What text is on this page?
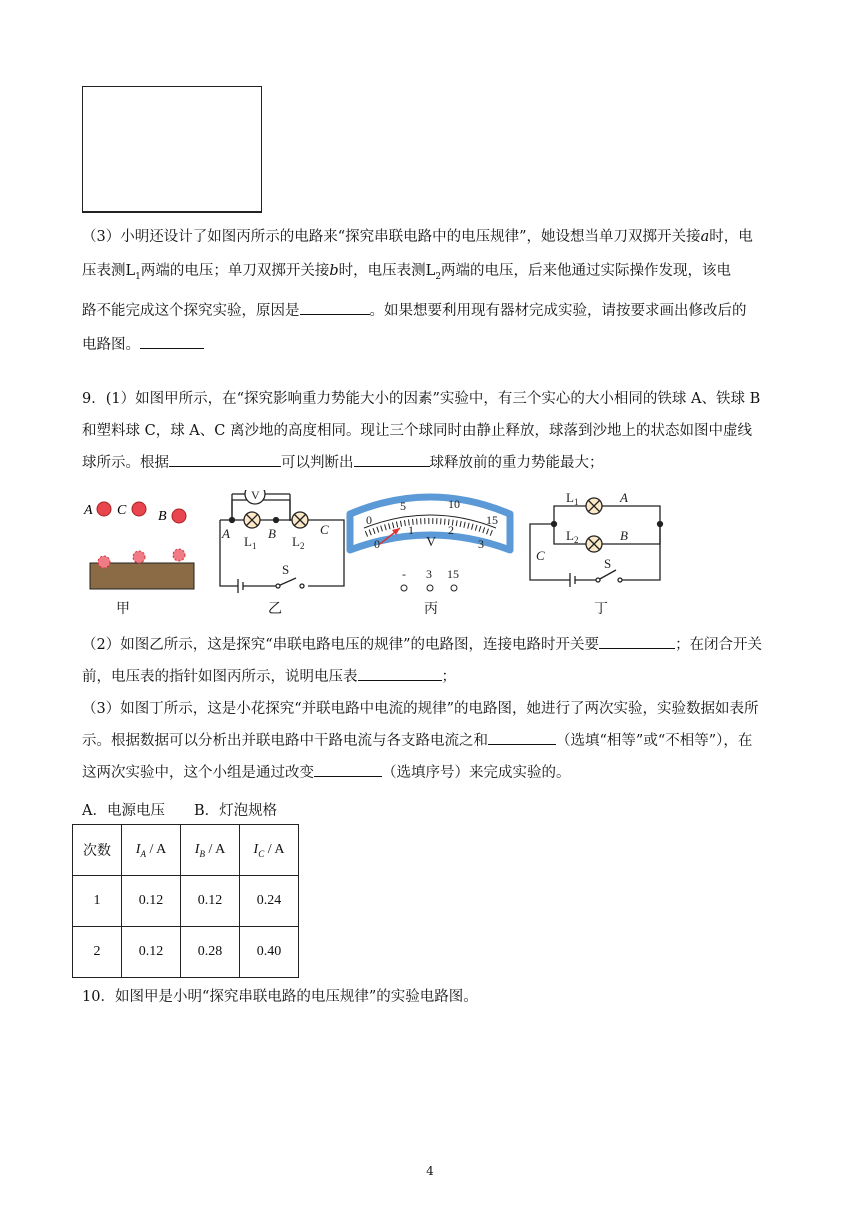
（3）小明还设计了如图丙所示的电路来“探究串联电路中的电压规律”，她设想当单刀双掷开关接a时，电
压表测$L_1$两端的电压；单刀双掷开关接b时，电压表测$L_2$两端的电压，后来他通过实际操作发现，该电
路不能完成这个探究实验，原因是	。如果想要利用现有器材完成实验，请按要求画出修改后的
电路图。
9．(1）如图甲所示，在“探究影响重力势能大小的因素”实验中，有三个实心的大小相同的铁球 A、铁球 B
和塑料球 C，球 A、C 离沙地的高度相同。现让三个球同时由静止释放，球落到沙地上的状态如图中虚线
球所示。根据	可以判断出	球释放前的重力势能最大；
A C B
V
A	B	C
L 1	L 2
S
0
5	10
15
0
1	2
3
V
- 3 15
L 1	A
L 2	B
C
S
甲	乙	丙	丁
（2）如图乙所示，这是探究“串联电路电压的规律”的电路图，连接电路时开关要	；在闭合开关
前，电压表的指针如图丙所示，说明电压表	；
（3）如图丁所示，这是小花探究“并联电路中电流的规律”的电路图，她进行了两次实验，实验数据如表所
示。根据数据可以分析出并联电路中干路电流与各支路电流之和	（选填“相等”或“不相等”），在
这两次实验中，这个小组是通过改变	（选填序号）来完成实验的。
A．电源电压　　B．灯泡规格
次数	$I_A$ / A	$I_B$ / A	$I_C$ / A
1	0.12	0.12	0.24
2	0.12	0.28	0.40
10．如图甲是小明“探究串联电路的电压规律”的实验电路图。
4
